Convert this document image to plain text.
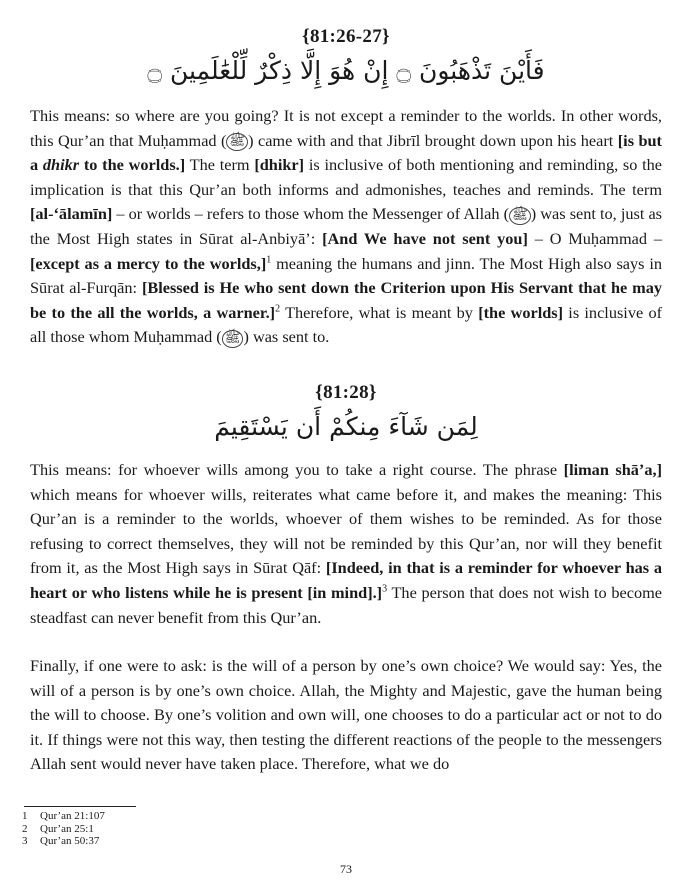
{81:26-27}
فَأَيْنَ تَذْهَبُونَ ۝ إِنْ هُوَ إِلَّا ذِكْرٌ لِّلْعَٰلَمِينَ ۝

This means: so where are you going? It is not except a reminder to the worlds. In other words, this Qur’an that Muḥammad ( ﷺ ) came with and that Jibrīl brought down upon his heart [is but a dhikr to the worlds.] The term [dhikr] is inclusive of both mentioning and reminding, so the implication is that this Qur’an both informs and admonishes, teaches and reminds. The term [al-‘ālamīn] – or worlds – refers to those whom the Messenger of Allah ( ﷺ ) was sent to, just as the Most High states in Sūrat al-Anbiyā’: [And We have not sent you] – O Muḥammad – [except as a mercy to the worlds,]$^1$ meaning the humans and jinn. The Most High also says in Sūrat al-Furqān: [Blessed is He who sent down the Criterion upon His Servant that he may be to the all the worlds, a warner.]$^2$ Therefore, what is meant by [the worlds] is inclusive of all those whom Muḥammad ( ﷺ ) was sent to.

{81:28}
لِمَن شَآءَ مِنكُمْ أَن يَسْتَقِيمَ

This means: for whoever wills among you to take a right course. The phrase [liman shā’a,] which means for whoever wills, reiterates what came before it, and makes the meaning: This Qur’an is a reminder to the worlds, whoever of them wishes to be reminded. As for those refusing to correct themselves, they will not be reminded by this Qur’an, nor will they benefit from it, as the Most High says in Sūrat Qāf: [Indeed, in that is a reminder for whoever has a heart or who listens while he is present [in mind].]$^3$ The person that does not wish to become steadfast can never benefit from this Qur’an.

Finally, if one were to ask: is the will of a person by one’s own choice? We would say: Yes, the will of a person is by one’s own choice. Allah, the Mighty and Majestic, gave the human being the will to choose. By one’s volition and own will, one chooses to do a particular act or not to do it. If things were not this way, then testing the different reactions of the people to the messengers Allah sent would never have taken place. Therefore, what we do

1 Qur’an 21:107
2 Qur’an 25:1
3 Qur’an 50:37
73
